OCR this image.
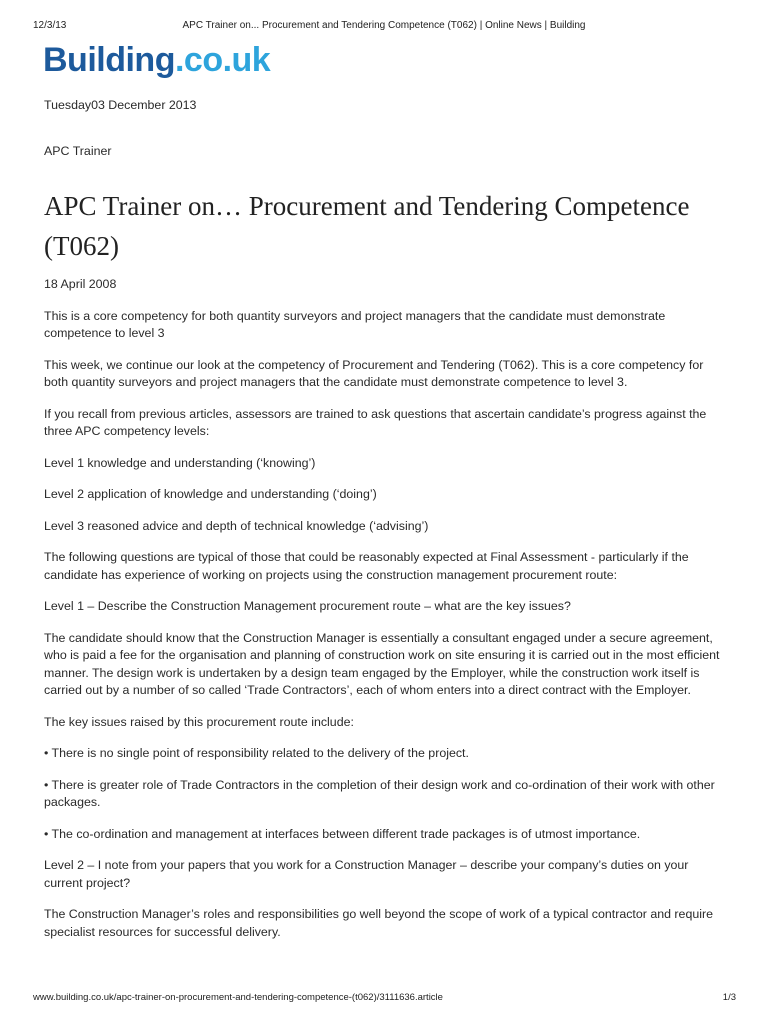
12/3/13	APC Trainer on... Procurement and Tendering Competence (T062) | Online News | Building
Building.co.uk

Tuesday03 December 2013

APC Trainer

APC Trainer on… Procurement and Tendering Competence (T062)

18 April 2008

This is a core competency for both quantity surveyors and project managers that the candidate must demonstrate competence to level 3

This week, we continue our look at the competency of Procurement and Tendering (T062). This is a core competency for both quantity surveyors and project managers that the candidate must demonstrate competence to level 3.

If you recall from previous articles, assessors are trained to ask questions that ascertain candidate’s progress against the three APC competency levels:

Level 1 knowledge and understanding (‘knowing’)

Level 2 application of knowledge and understanding (‘doing’)

Level 3 reasoned advice and depth of technical knowledge (‘advising’)

The following questions are typical of those that could be reasonably expected at Final Assessment - particularly if the candidate has experience of working on projects using the construction management procurement route:

Level 1 – Describe the Construction Management procurement route – what are the key issues?

The candidate should know that the Construction Manager is essentially a consultant engaged under a secure agreement, who is paid a fee for the organisation and planning of construction work on site ensuring it is carried out in the most efficient manner. The design work is undertaken by a design team engaged by the Employer, while the construction work itself is carried out by a number of so called ‘Trade Contractors’, each of whom enters into a direct contract with the Employer.

The key issues raised by this procurement route include:

• There is no single point of responsibility related to the delivery of the project.

• There is greater role of Trade Contractors in the completion of their design work and co-ordination of their work with other packages.

• The co-ordination and management at interfaces between different trade packages is of utmost importance.

Level 2 – I note from your papers that you work for a Construction Manager – describe your company’s duties on your current project?

The Construction Manager’s roles and responsibilities go well beyond the scope of work of a typical contractor and require specialist resources for successful delivery.

www.building.co.uk/apc-trainer-on-procurement-and-tendering-competence-(t062)/3111636.article	1/3
